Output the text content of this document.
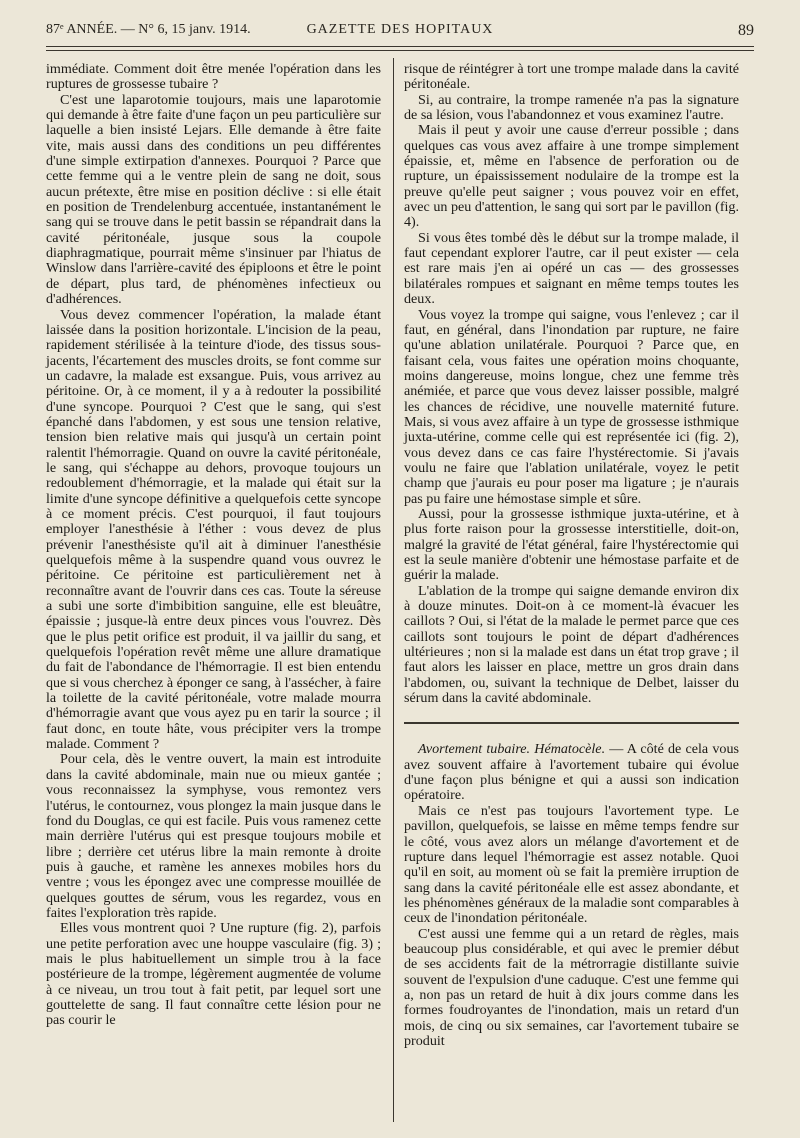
87ᵉ ANNÉE. — N° 6, 15 janv. 1914.	GAZETTE DES HOPITAUX	89

immédiate. Comment doit être menée l'opération dans les ruptures de grossesse tubaire ?

C'est une laparotomie toujours, mais une laparotomie qui demande à être faite d'une façon un peu particulière sur laquelle a bien insisté Lejars. Elle demande à être faite vite, mais aussi dans des conditions un peu différentes d'une simple extirpation d'annexes. Pourquoi ? Parce que cette femme qui a le ventre plein de sang ne doit, sous aucun prétexte, être mise en position déclive : si elle était en position de Trendelenburg accentuée, instantanément le sang qui se trouve dans le petit bassin se répandrait dans la cavité péritonéale, jusque sous la coupole diaphragmatique, pourrait même s'insinuer par l'hiatus de Winslow dans l'arrière-cavité des épiploons et être le point de départ, plus tard, de phénomènes infectieux ou d'adhérences.

Vous devez commencer l'opération, la malade étant laissée dans la position horizontale. L'incision de la peau, rapidement stérilisée à la teinture d'iode, des tissus sous-jacents, l'écartement des muscles droits, se font comme sur un cadavre, la malade est exsangue. Puis, vous arrivez au péritoine. Or, à ce moment, il y a à redouter la possibilité d'une syncope. Pourquoi ? C'est que le sang, qui s'est épanché dans l'abdomen, y est sous une tension relative, tension bien relative mais qui jusqu'à un certain point ralentit l'hémorragie. Quand on ouvre la cavité péritonéale, le sang, qui s'échappe au dehors, provoque toujours un redoublement d'hémorragie, et la malade qui était sur la limite d'une syncope définitive a quelquefois cette syncope à ce moment précis. C'est pourquoi, il faut toujours employer l'anesthésie à l'éther : vous devez de plus prévenir l'anesthésiste qu'il ait à diminuer l'anesthésie quelquefois même à la suspendre quand vous ouvrez le péritoine. Ce péritoine est particulièrement net à reconnaître avant de l'ouvrir dans ces cas. Toute la séreuse a subi une sorte d'imbibition sanguine, elle est bleuâtre, épaissie ; jusque-là entre deux pinces vous l'ouvrez. Dès que le plus petit orifice est produit, il va jaillir du sang, et quelquefois l'opération revêt même une allure dramatique du fait de l'abondance de l'hémorragie. Il est bien entendu que si vous cherchez à éponger ce sang, à l'assécher, à faire la toilette de la cavité péritonéale, votre malade mourra d'hémorragie avant que vous ayez pu en tarir la source ; il faut donc, en toute hâte, vous précipiter vers la trompe malade. Comment ?

Pour cela, dès le ventre ouvert, la main est introduite dans la cavité abdominale, main nue ou mieux gantée ; vous reconnaissez la symphyse, vous remontez vers l'utérus, le contournez, vous plongez la main jusque dans le fond du Douglas, ce qui est facile. Puis vous ramenez cette main derrière l'utérus qui est presque toujours mobile et libre ; derrière cet utérus libre la main remonte à droite puis à gauche, et ramène les annexes mobiles hors du ventre ; vous les épongez avec une compresse mouillée de quelques gouttes de sérum, vous les regardez, vous en faites l'exploration très rapide.

Elles vous montrent quoi ? Une rupture (fig. 2), parfois une petite perforation avec une houppe vasculaire (fig. 3) ; mais le plus habituellement un simple trou à la face postérieure de la trompe, légèrement augmentée de volume à ce niveau, un trou tout à fait petit, par lequel sort une gouttelette de sang. Il faut connaître cette lésion pour ne pas courir le

risque de réintégrer à tort une trompe malade dans la cavité péritonéale.

Si, au contraire, la trompe ramenée n'a pas la signature de sa lésion, vous l'abandonnez et vous examinez l'autre.

Mais il peut y avoir une cause d'erreur possible ; dans quelques cas vous avez affaire à une trompe simplement épaissie, et, même en l'absence de perforation ou de rupture, un épaississement nodulaire de la trompe est la preuve qu'elle peut saigner ; vous pouvez voir en effet, avec un peu d'attention, le sang qui sort par le pavillon (fig. 4).

Si vous êtes tombé dès le début sur la trompe malade, il faut cependant explorer l'autre, car il peut exister — cela est rare mais j'en ai opéré un cas — des grossesses bilatérales rompues et saignant en même temps toutes les deux.

Vous voyez la trompe qui saigne, vous l'enlevez ; car il faut, en général, dans l'inondation par rupture, ne faire qu'une ablation unilatérale. Pourquoi ? Parce que, en faisant cela, vous faites une opération moins choquante, moins dangereuse, moins longue, chez une femme très anémiée, et parce que vous devez laisser possible, malgré les chances de récidive, une nouvelle maternité future. Mais, si vous avez affaire à un type de grossesse isthmique juxta-utérine, comme celle qui est représentée ici (fig. 2), vous devez dans ce cas faire l'hystérectomie. Si j'avais voulu ne faire que l'ablation unilatérale, voyez le petit champ que j'aurais eu pour poser ma ligature ; je n'aurais pas pu faire une hémostase simple et sûre.

Aussi, pour la grossesse isthmique juxta-utérine, et à plus forte raison pour la grossesse interstitielle, doit-on, malgré la gravité de l'état général, faire l'hystérectomie qui est la seule manière d'obtenir une hémostase parfaite et de guérir la malade.

L'ablation de la trompe qui saigne demande environ dix à douze minutes. Doit-on à ce moment-là évacuer les caillots ? Oui, si l'état de la malade le permet parce que ces caillots sont toujours le point de départ d'adhérences ultérieures ; non si la malade est dans un état trop grave ; il faut alors les laisser en place, mettre un gros drain dans l'abdomen, ou, suivant la technique de Delbet, laisser du sérum dans la cavité abdominale.

Avortement tubaire. Hématocèle. — A côté de cela vous avez souvent affaire à l'avortement tubaire qui évolue d'une façon plus bénigne et qui a aussi son indication opératoire.

Mais ce n'est pas toujours l'avortement type. Le pavillon, quelquefois, se laisse en même temps fendre sur le côté, vous avez alors un mélange d'avortement et de rupture dans lequel l'hémorragie est assez notable. Quoi qu'il en soit, au moment où se fait la première irruption de sang dans la cavité péritonéale elle est assez abondante, et les phénomènes généraux de la maladie sont comparables à ceux de l'inondation péritonéale.

C'est aussi une femme qui a un retard de règles, mais beaucoup plus considérable, et qui avec le premier début de ses accidents fait de la métrorragie distillante suivie souvent de l'expulsion d'une caduque. C'est une femme qui a, non pas un retard de huit à dix jours comme dans les formes foudroyantes de l'inondation, mais un retard d'un mois, de cinq ou six semaines, car l'avortement tubaire se produit
